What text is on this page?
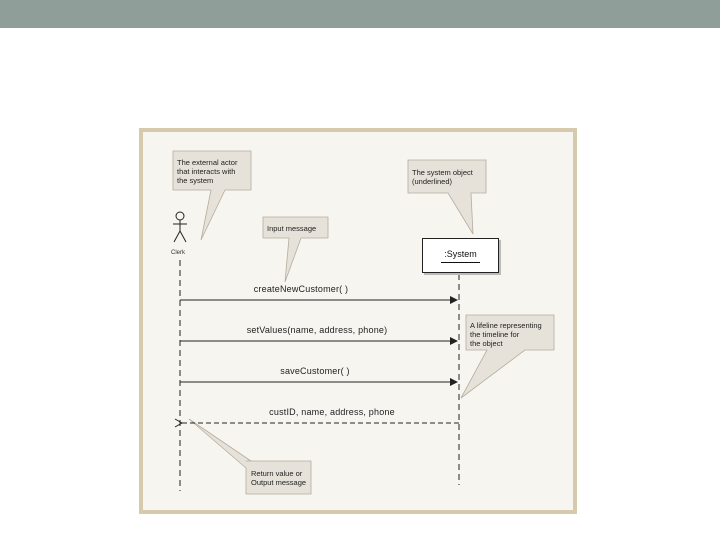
The external actor
that interacts with
the system
The system object
(underlined)
Input message
A lifeline representing
the timeline for
the object
Return value or
Output message
Clerk	:System
createNewCustomer( )
setValues(name, address, phone)
saveCustomer( )
custID, name, address, phone
